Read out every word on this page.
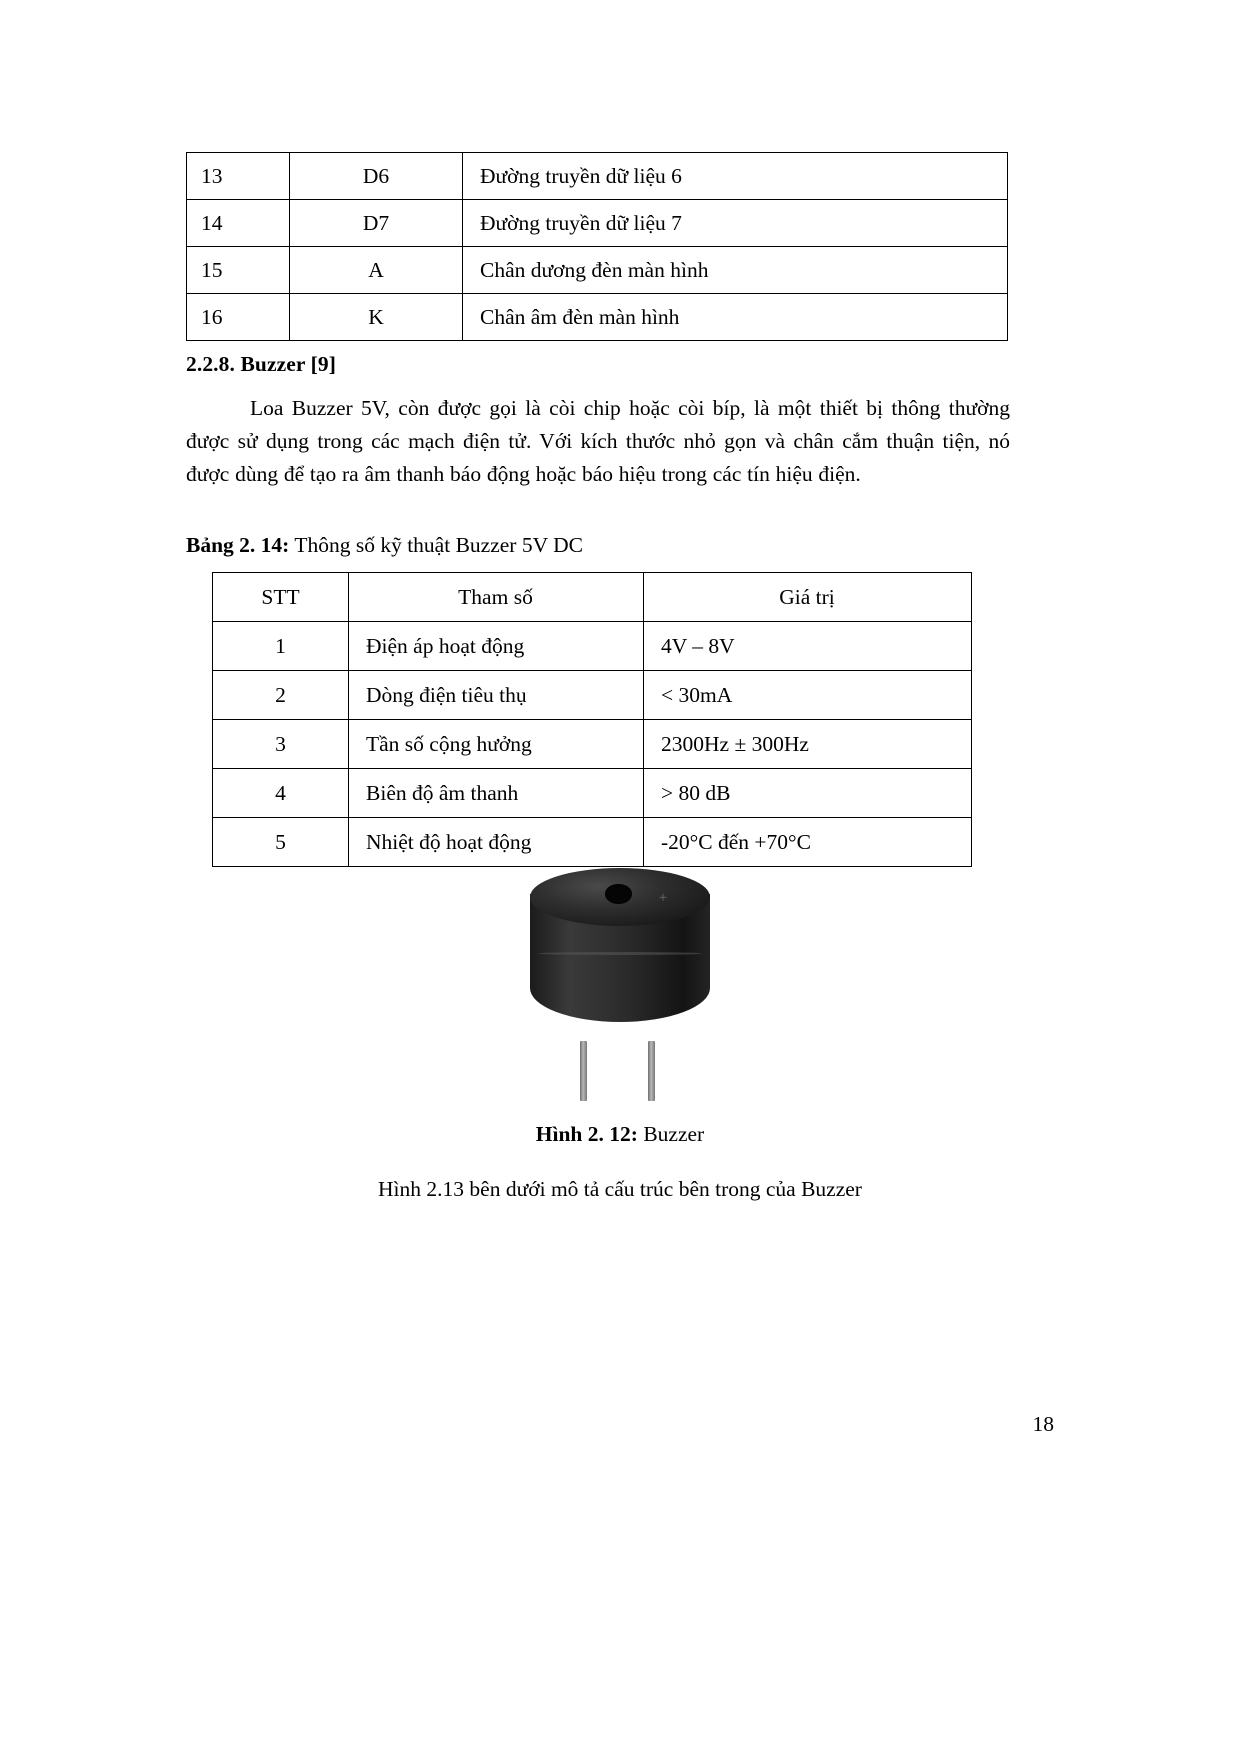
13	D6	Đường truyền dữ liệu 6
14	D7	Đường truyền dữ liệu 7
15	A	Chân dương đèn màn hình
16	K	Chân âm đèn màn hình
2.2.8. Buzzer [9]
Loa Buzzer 5V, còn được gọi là còi chip hoặc còi bíp, là một thiết bị thông thường được sử dụng trong các mạch điện tử. Với kích thước nhỏ gọn và chân cắm thuận tiện, nó được dùng để tạo ra âm thanh báo động hoặc báo hiệu trong các tín hiệu điện.
Bảng 2. 14: Thông số kỹ thuật Buzzer 5V DC
STT	Tham số	Giá trị
1	Điện áp hoạt động	4V – 8V
2	Dòng điện tiêu thụ	< 30mA
3	Tần số cộng hưởng	2300Hz ± 300Hz
4	Biên độ âm thanh	> 80 dB
5	Nhiệt độ hoạt động	-20°C đến +70°C
+
Hình 2. 12: Buzzer
Hình 2.13 bên dưới mô tả cấu trúc bên trong của Buzzer
18
